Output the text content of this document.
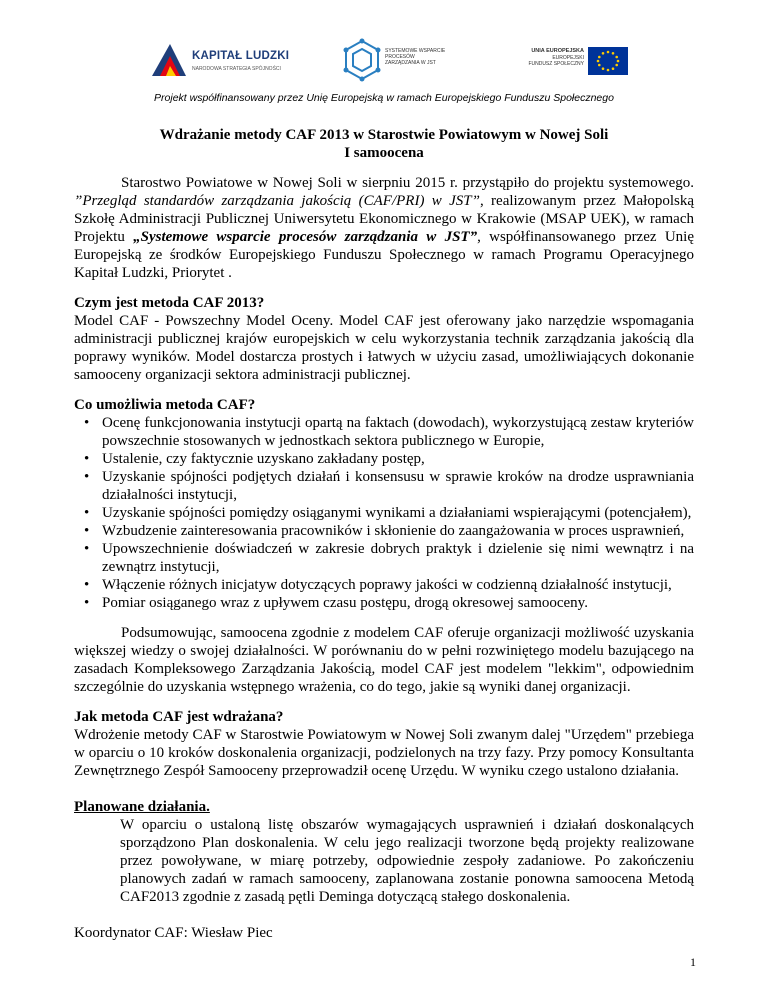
KAPITAŁ LUDZKI
NARODOWA STRATEGIA SPÓJNOŚCI
SYSTEMOWE WSPARCIE
PROCESÓW
ZARZĄDZANIA W JST
UNIA EUROPEJSKA
EUROPEJSKI
FUNDUSZ SPOŁECZNY
Projekt współfinansowany przez Unię Europejską w ramach Europejskiego Funduszu Społecznego
Wdrażanie metody CAF 2013 w Starostwie Powiatowym w Nowej Soli
I samoocena

Starostwo Powiatowe w Nowej Soli w sierpniu 2015 r. przystąpiło do projektu systemowego. ”Przegląd standardów zarządzania jakością (CAF/PRI) w JST”, realizowanym przez Małopolską Szkołę Administracji Publicznej Uniwersytetu Ekonomicznego w Krakowie (MSAP UEK), w ramach Projektu „Systemowe wsparcie procesów zarządzania w JST”, współfinansowanego przez Unię Europejską ze środków Europejskiego Funduszu Społecznego w ramach Programu Operacyjnego Kapitał Ludzki, Priorytet .

Czym jest metoda CAF 2013?

Model CAF - Powszechny Model Oceny. Model CAF jest oferowany jako narzędzie wspomagania administracji publicznej krajów europejskich w celu wykorzystania technik zarządzania jakością dla poprawy wyników. Model dostarcza prostych i łatwych w użyciu zasad, umożliwiających dokonanie samooceny organizacji sektora administracji publicznej.

Co umożliwia metoda CAF?
• Ocenę funkcjonowania instytucji opartą na faktach (dowodach), wykorzystującą zestaw kryteriów powszechnie stosowanych w jednostkach sektora publicznego w Europie,
• Ustalenie, czy faktycznie uzyskano zakładany postęp,
• Uzyskanie spójności podjętych działań i konsensusu w sprawie kroków na drodze usprawniania działalności instytucji,
• Uzyskanie spójności pomiędzy osiąganymi wynikami a działaniami wspierającymi (potencjałem),
• Wzbudzenie zainteresowania pracowników i skłonienie do zaangażowania w proces usprawnień,
• Upowszechnienie doświadczeń w zakresie dobrych praktyk i dzielenie się nimi wewnątrz i na zewnątrz instytucji,
• Włączenie różnych inicjatyw dotyczących poprawy jakości w codzienną działalność instytucji,
• Pomiar osiąganego wraz z upływem czasu postępu, drogą okresowej samooceny.

Podsumowując, samoocena zgodnie z modelem CAF oferuje organizacji możliwość uzyskania większej wiedzy o swojej działalności. W porównaniu do w pełni rozwiniętego modelu bazującego na zasadach Kompleksowego Zarządzania Jakością, model CAF jest modelem "lekkim", odpowiednim szczególnie do uzyskania wstępnego wrażenia, co do tego, jakie są wyniki danej organizacji.

Jak metoda CAF jest wdrażana?

Wdrożenie metody CAF w Starostwie Powiatowym w Nowej Soli zwanym dalej "Urzędem" przebiega w oparciu o 10 kroków doskonalenia organizacji, podzielonych na trzy fazy. Przy pomocy Konsultanta Zewnętrznego Zespół Samooceny przeprowadził ocenę Urzędu. W wyniku czego ustalono działania.

Planowane działania.

W oparciu o ustaloną listę obszarów wymagających usprawnień i działań doskonalących sporządzono Plan doskonalenia. W celu jego realizacji tworzone będą projekty realizowane przez powoływane, w miarę potrzeby, odpowiednie zespoły zadaniowe. Po zakończeniu planowych zadań w ramach samooceny, zaplanowana zostanie ponowna samoocena Metodą CAF2013 zgodnie z zasadą pętli Deminga dotyczącą stałego doskonalenia.

Koordynator CAF: Wiesław Piec

1
